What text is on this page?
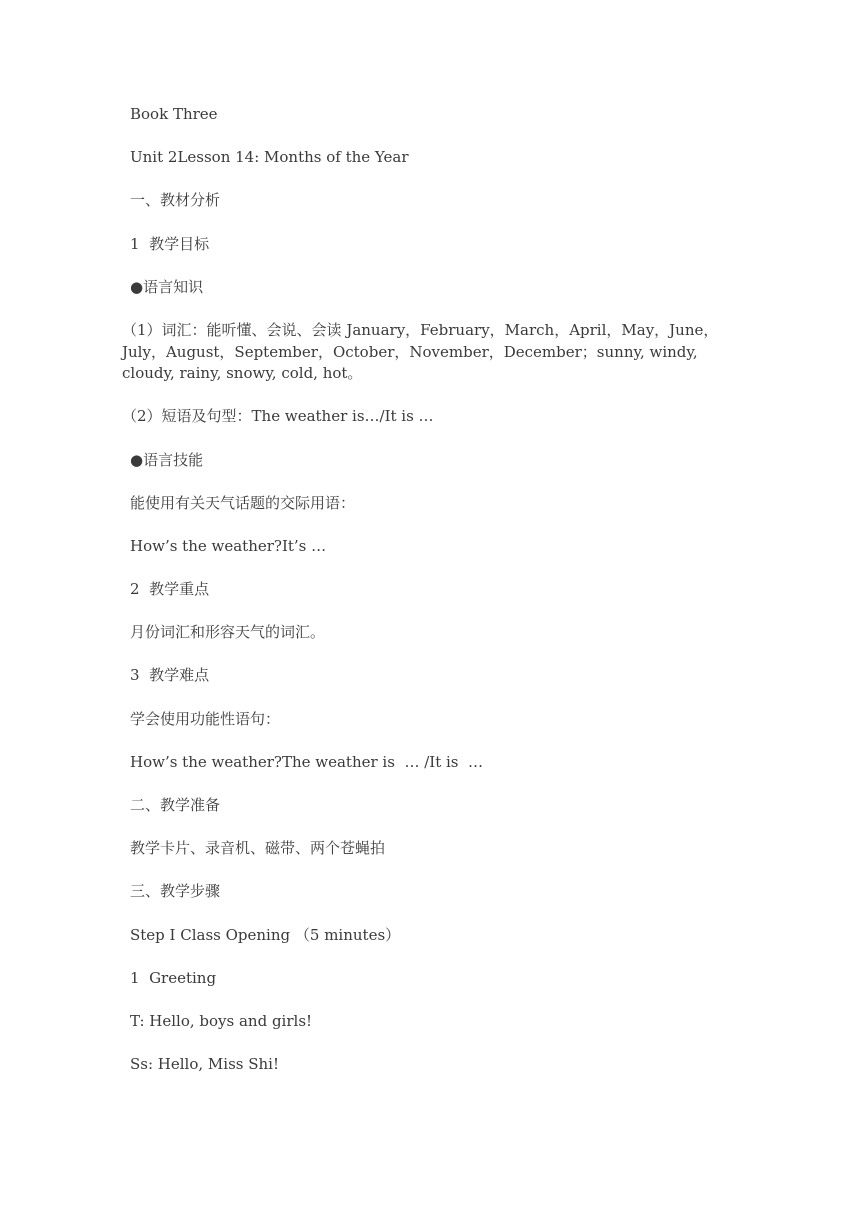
Book Three

Unit 2Lesson 14: Months of the Year

一、教材分析

1  教学目标

●语言知识

（1）词汇：能听懂、会说、会读 January，February，March，April，May，June，July，August，September，October，November，December；sunny, windy, cloudy, rainy, snowy, cold, hot。

（2）短语及句型：The weather is…/It is …

●语言技能

能使用有关天气话题的交际用语：

How’s the weather?It’s …

2  教学重点

月份词汇和形容天气的词汇。

3  教学难点

学会使用功能性语句：

How’s the weather?The weather is  … /It is  …

二、教学准备

教学卡片、录音机、磁带、两个苍蝇拍

三、教学步骤

Step I Class Opening （5 minutes）

1  Greeting

T: Hello, boys and girls!

Ss: Hello, Miss Shi!
